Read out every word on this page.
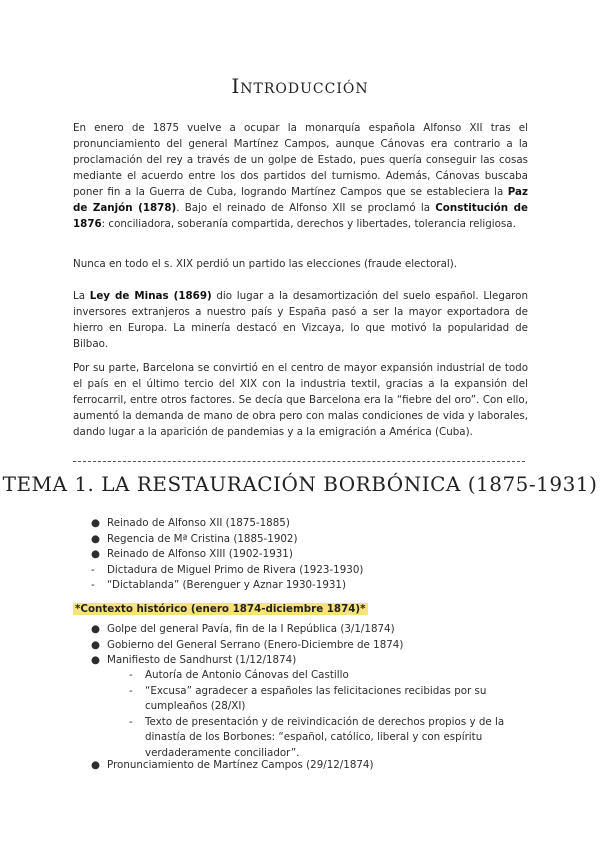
Introducción
En enero de 1875 vuelve a ocupar la monarquía española Alfonso XII tras el pronunciamiento del general Martínez Campos, aunque Cánovas era contrario a la proclamación del rey a través de un golpe de Estado, pues quería conseguir las cosas mediante el acuerdo entre los dos partidos del turnismo. Además, Cánovas buscaba poner fin a la Guerra de Cuba, logrando Martínez Campos que se estableciera la Paz de Zanjón (1878). Bajo el reinado de Alfonso XII se proclamó la Constitución de 1876: conciliadora, soberanía compartida, derechos y libertades, tolerancia religiosa.
Nunca en todo el s. XIX perdió un partido las elecciones (fraude electoral).
La Ley de Minas (1869) dio lugar a la desamortización del suelo español. Llegaron inversores extranjeros a nuestro país y España pasó a ser la mayor exportadora de hierro en Europa. La minería destacó en Vizcaya, lo que motivó la popularidad de Bilbao.
Por su parte, Barcelona se convirtió en el centro de mayor expansión industrial de todo el país en el último tercio del XIX con la industria textil, gracias a la expansión del ferrocarril, entre otros factores. Se decía que Barcelona era la “fiebre del oro”. Con ello, aumentó la demanda de mano de obra pero con malas condiciones de vida y laborales, dando lugar a la aparición de pandemias y a la emigración a América (Cuba).
TEMA 1. LA RESTAURACIÓN BORBÓNICA (1875-1931)
● Reinado de Alfonso XII (1875-1885)
● Regencia de Mª Cristina (1885-1902)
● Reinado de Alfonso XIII (1902-1931)
- Dictadura de Miguel Primo de Rivera (1923-1930)
- “Dictablanda” (Berenguer y Aznar 1930-1931)
*Contexto histórico (enero 1874-diciembre 1874)*
● Golpe del general Pavía, fin de la I República (3/1/1874)
● Gobierno del General Serrano (Enero-Diciembre de 1874)
● Manifiesto de Sandhurst (1/12/1874)
- Autoría de Antonio Cánovas del Castillo
- “Excusa” agradecer a españoles las felicitaciones recibidas por su cumpleaños (28/XI)
- Texto de presentación y de reivindicación de derechos propios y de la dinastía de los Borbones: “español, católico, liberal y con espíritu verdaderamente conciliador”.
● Pronunciamiento de Martínez Campos (29/12/1874)
